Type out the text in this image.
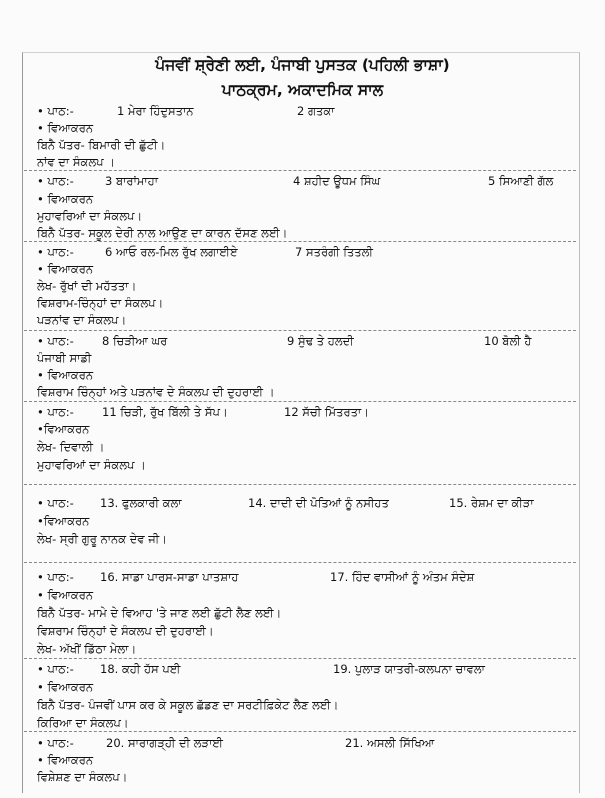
ਪੰਜਵੀਂ ਸ਼੍ਰੇਣੀ ਲਈ, ਪੰਜਾਬੀ ਪੁਸਤਕ (ਪਹਿਲੀ ਭਾਸ਼ਾ)
ਪਾਠਕ੍ਰਮ, ਅਕਾਦਮਿਕ ਸਾਲ
• ਪਾਠ:-	1 ਮੇਰਾ ਹਿੰਦੁਸਤਾਨ	2 ਗਤਕਾ
• ਵਿਆਕਰਨ
ਬਿਨੈ ਪੱਤਰ- ਬਿਮਾਰੀ ਦੀ ਛੁੱਟੀ।
ਨਾਂਵ ਦਾ ਸੰਕਲਪ ।
• ਪਾਠ:-	3 ਬਾਰਾਂਮਾਹਾ	4 ਸ਼ਹੀਦ ਊਧਮ ਸਿੰਘ	5 ਸਿਆਣੀ ਗੱਲ
• ਵਿਆਕਰਨ
ਮੁਹਾਵਰਿਆਂ ਦਾ ਸੰਕਲਪ।
ਬਿਨੈ ਪੱਤਰ- ਸਕੂਲ ਦੇਰੀ ਨਾਲ ਆਉਣ ਦਾ ਕਾਰਨ ਦੱਸਣ ਲਈ।
• ਪਾਠ:-	6 ਆਓ ਰਲ-ਮਿਲ ਰੁੱਖ ਲਗਾਈਏ	7 ਸਤਰੰਗੀ ਤਿਤਲੀ
• ਵਿਆਕਰਨ
ਲੇਖ- ਰੁੱਖਾਂ ਦੀ ਮਹੱਤਤਾ।
ਵਿਸ਼ਰਾਮ-ਚਿੰਨ੍ਹਾਂ ਦਾ ਸੰਕਲਪ।
ਪੜਨਾਂਵ ਦਾ ਸੰਕਲਪ।
• ਪਾਠ:- 8 ਚਿੜੀਆ ਘਰ	9 ਸੁੰਢ ਤੇ ਹਲਦੀ	10 ਬੋਲੀ ਹੈ
ਪੰਜਾਬੀ ਸਾਡੀ
• ਵਿਆਕਰਨ
ਵਿਸ਼ਰਾਮ ਚਿੰਨ੍ਹਾਂ ਅਤੇ ਪੜਨਾਂਵ ਦੇ ਸੰਕਲਪ ਦੀ ਦੁਹਰਾਈ ।
• ਪਾਠ:- 11 ਚਿੜੀ, ਰੁੱਖ ਬਿੱਲੀ ਤੇ ਸੱਪ।	12 ਸੱਚੀ ਮਿੱਤਰਤਾ।
•ਵਿਆਕਰਨ
ਲੇਖ- ਦਿਵਾਲੀ ।
ਮੁਹਾਵਰਿਆਂ ਦਾ ਸੰਕਲਪ ।
• ਪਾਠ:- 13. ਫੁਲਕਾਰੀ ਕਲਾ	14. ਦਾਦੀ ਦੀ ਪੋਤਿਆਂ ਨੂੰ ਨਸੀਹਤ	15. ਰੇਸ਼ਮ ਦਾ ਕੀੜਾ
•ਵਿਆਕਰਨ
ਲੇਖ- ਸ੍ਰੀ ਗੁਰੂ ਨਾਨਕ ਦੇਵ ਜੀ।
• ਪਾਠ:- 16. ਸਾਡਾ ਪਾਰਸ-ਸਾਡਾ ਪਾਤਸ਼ਾਹ	17. ਹਿੰਦ ਵਾਸੀਆਂ ਨੂੰ ਅੰਤਮ ਸੰਦੇਸ਼
• ਵਿਆਕਰਨ
ਬਿਨੈ ਪੱਤਰ- ਮਾਮੇ ਦੇ ਵਿਆਹ 'ਤੇ ਜਾਣ ਲਈ ਛੁੱਟੀ ਲੈਣ ਲਈ।
ਵਿਸ਼ਰਾਮ ਚਿੰਨ੍ਹਾਂ ਦੇ ਸੰਕਲਪ ਦੀ ਦੁਹਰਾਈ।
ਲੇਖ- ਅੱਖੀਂ ਡਿੱਠਾ ਮੇਲਾ।
• ਪਾਠ:- 18. ਕਹੀ ਹੱਸ ਪਈ	19. ਪੁਲਾੜ ਯਾਤਰੀ-ਕਲਪਨਾ ਚਾਵਲਾ
• ਵਿਆਕਰਨ
ਬਿਨੈ ਪੱਤਰ- ਪੰਜਵੀਂ ਪਾਸ ਕਰ ਕੇ ਸਕੂਲ ਛੱਡਣ ਦਾ ਸਰਟੀਫ਼ਿਕੇਟ ਲੈਣ ਲਈ।
ਕਿਰਿਆ ਦਾ ਸੰਕਲਪ।
• ਪਾਠ:-	20. ਸਾਰਾਗੜ੍ਹੀ ਦੀ ਲੜਾਈ	21. ਅਸਲੀ ਸਿੱਖਿਆ
• ਵਿਆਕਰਨ
ਵਿਸ਼ੇਸ਼ਣ ਦਾ ਸੰਕਲਪ।
